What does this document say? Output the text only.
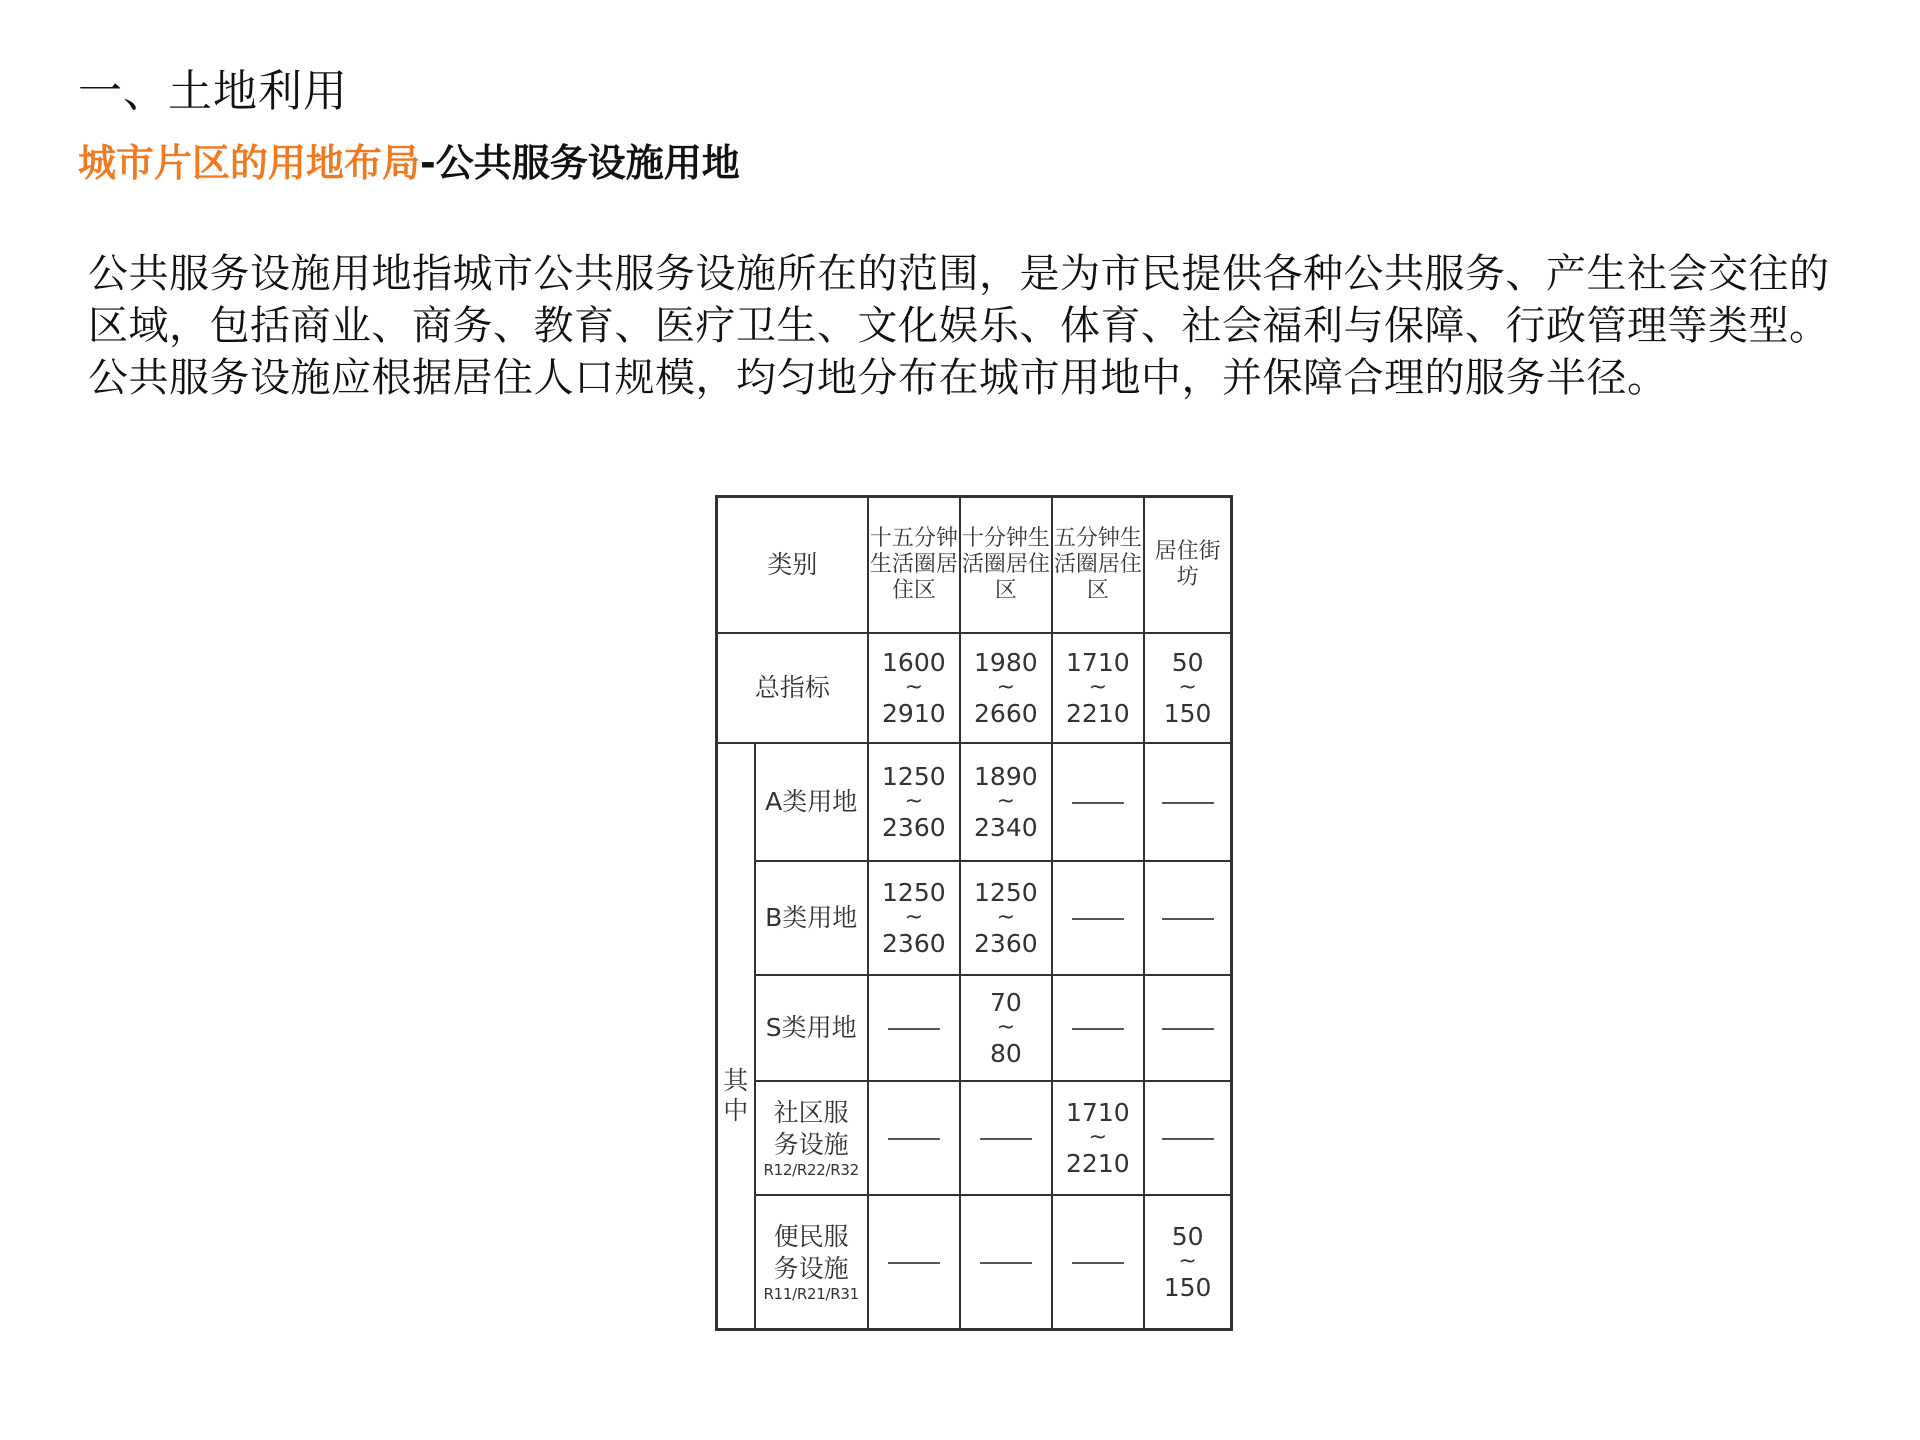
一、土地利用
城市片区的用地布局-公共服务设施用地

公共服务设施用地指城市公共服务设施所在的范围，是为市民提供各种公共服务、产生社会交往的区域，包括商业、商务、教育、医疗卫生、文化娱乐、体育、社会福利与保障、行政管理等类型。公共服务设施应根据居住人口规模，均匀地分布在城市用地中，并保障合理的服务半径。

类别		十五分钟生活圈居住区	十分钟生活圈居住区	五分钟生活圈居住区	居住街坊
总指标		1600
~
2910	1980
~
2660	1710
~
2210	50
~
150

其
中	A类用地	1250
~
2360	1890
~
2340		
	B类用地	1250
~
2360	1250
~
2360		
	S类用地		70
~
80		
	社区服务设施
R12/R22/R32			1710
~
2210	
	便民服务设施
R11/R21/R31				50
~
150
